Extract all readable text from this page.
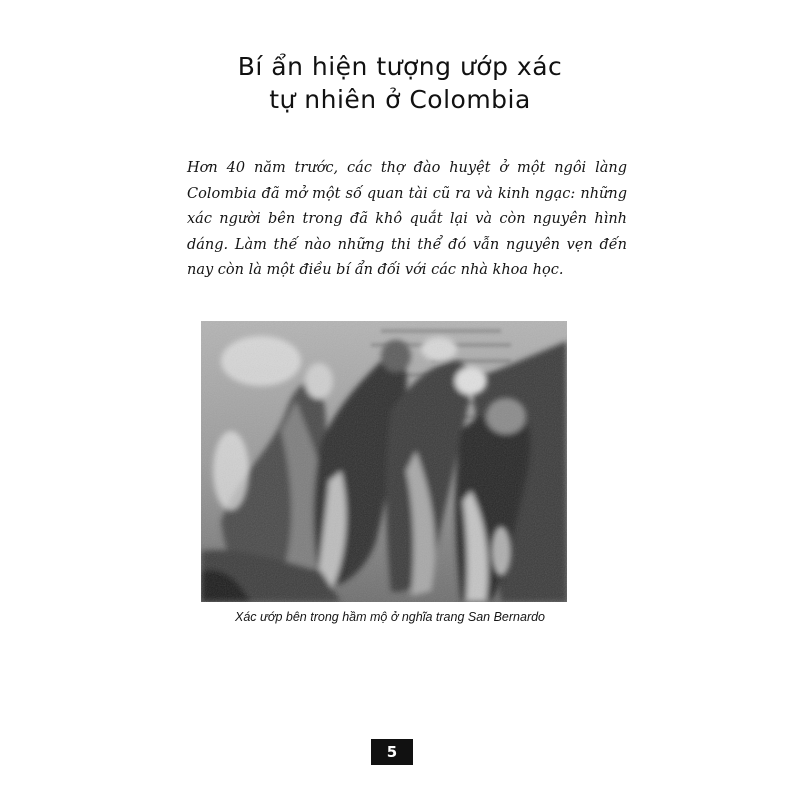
Bí ẩn hiện tượng ướp xác
tự nhiên ở Colombia

Hơn 40 năm trước, các thợ đào huyệt ở một ngôi làng Colombia đã mở một số quan tài cũ ra và kinh ngạc: những xác người bên trong đã khô quắt lại và còn nguyên hình dáng. Làm thế nào những thi thể đó vẫn nguyên vẹn đến nay còn là một điều bí ẩn đối với các nhà khoa học.

Xác ướp bên trong hầm mộ ở nghĩa trang San Bernardo
5
